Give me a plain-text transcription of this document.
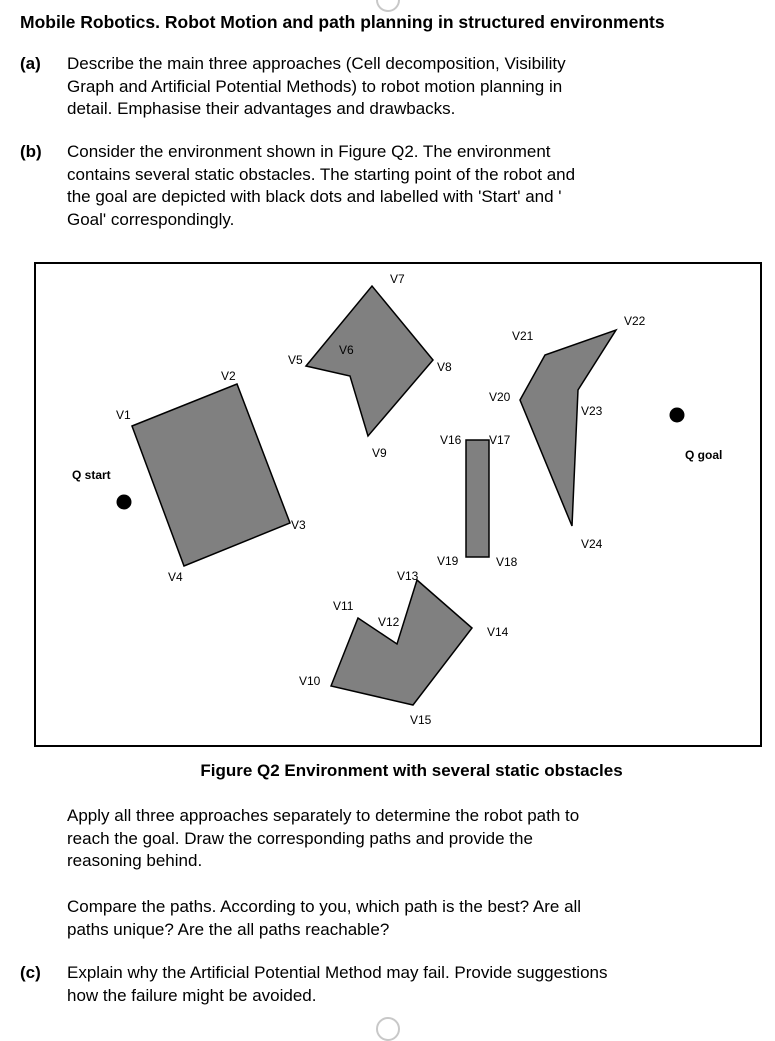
Mobile Robotics. Robot Motion and path planning in structured environments
(a) Describe the main three approaches (Cell decomposition, Visibility
Graph and Artificial Potential Methods) to robot motion planning in
detail. Emphasise their advantages and drawbacks.
(b) Consider the environment shown in Figure Q2. The environment
contains several static obstacles. The starting point of the robot and
the goal are depicted with black dots and labelled with 'Start' and '
Goal' correspondingly.
Q start
Q goal
V1
V2
V3
V4
V5
V6
V7
V8
V9
V10
V11
V12
V13
V14
V15
V16 V17
V18
V19
V20
V21
V22
V23
V24
Figure Q2 Environment with several static obstacles
Apply all three approaches separately to determine the robot path to
reach the goal. Draw the corresponding paths and provide the
reasoning behind.
Compare the paths. According to you, which path is the best? Are all
paths unique? Are the all paths reachable?
(c) Explain why the Artificial Potential Method may fail. Provide suggestions
how the failure might be avoided.
